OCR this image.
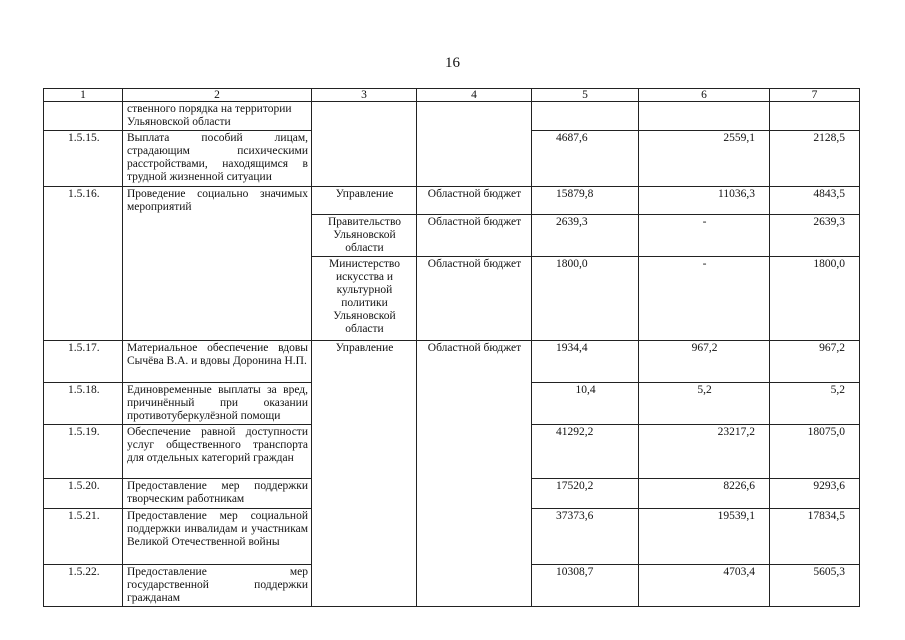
16
1	2	3	4	5	6	7
	ственного порядка на территории Ульяновской области					
1.5.15.	Выплата пособий лицам, страдающим психическими расстройствами, находящимся в трудной жизненной ситуации			4687,6	2559,1	2128,5
1.5.16.	Проведение социально значимых мероприятий	Управление	Областной бюджет	15879,8	11036,3	4843,5
		Правительство Ульяновской области	Областной бюджет	2639,3	-	2639,3
		Министерство искусства и культурной политики Ульяновской области	Областной бюджет	1800,0	-	1800,0
1.5.17.	Материальное обеспечение вдовы Сычёва В.А. и вдовы Доронина Н.П.	Управление	Областной бюджет	1934,4	967,2	967,2
1.5.18.	Единовременные выплаты за вред, причинённый при оказании противотуберкулёзной помощи			10,4	5,2	5,2
1.5.19.	Обеспечение равной доступности услуг общественного транспорта для отдельных категорий граждан			41292,2	23217,2	18075,0
1.5.20.	Предоставление мер поддержки творческим работникам			17520,2	8226,6	9293,6
1.5.21.	Предоставление мер социальной поддержки инвалидам и участникам Великой Отечественной войны			37373,6	19539,1	17834,5
1.5.22.	Предоставление мер государственной поддержки гражданам			10308,7	4703,4	5605,3
